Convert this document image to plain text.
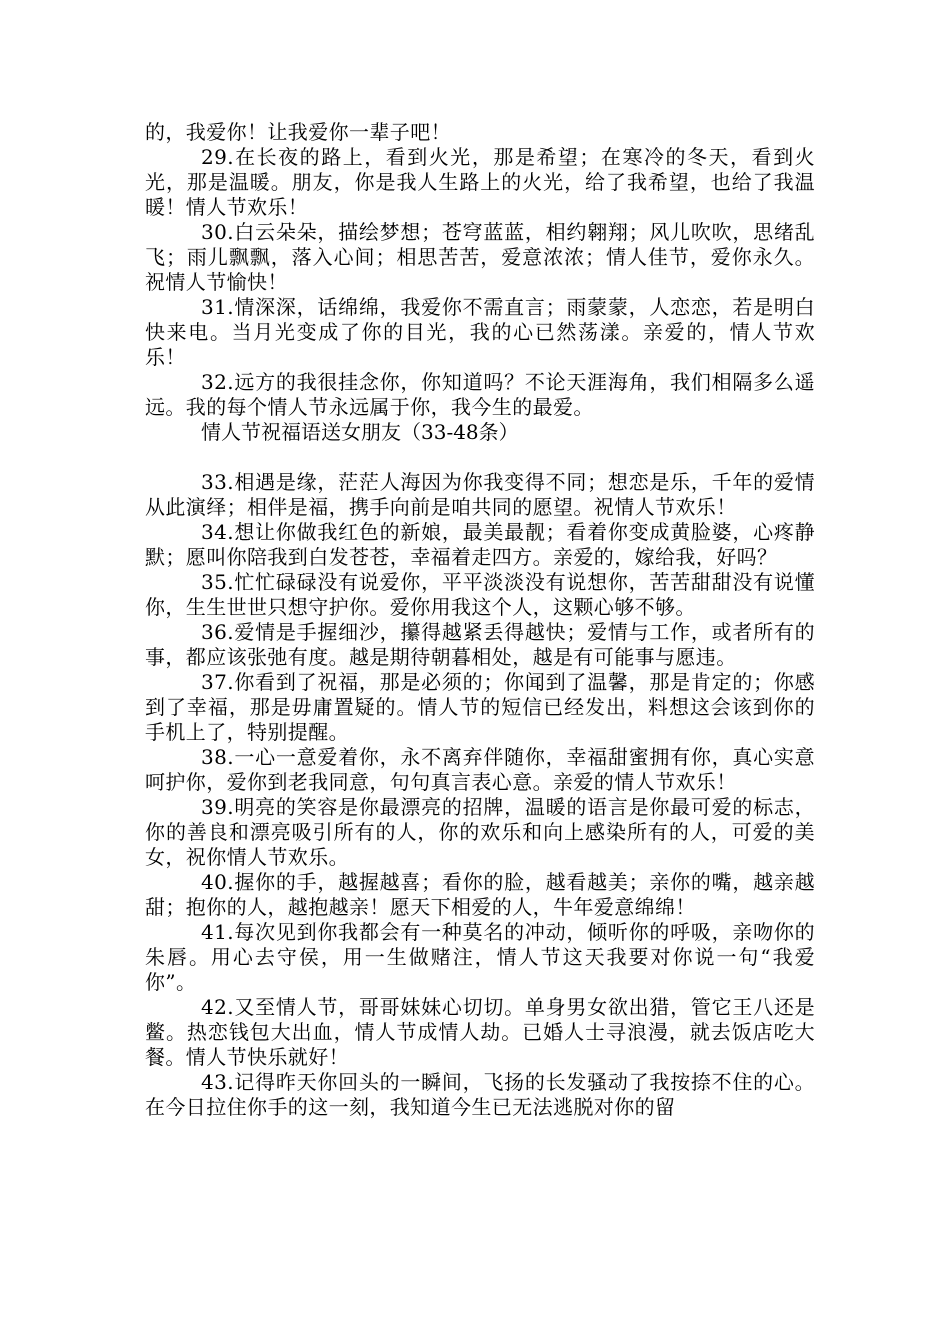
的，我爱你！让我爱你一辈子吧！

29.在长夜的路上，看到火光，那是希望；在寒冷的冬天，看到火光，那是温暖。朋友，你是我人生路上的火光，给了我希望，也给了我温暖！情人节欢乐！

30.白云朵朵，描绘梦想；苍穹蓝蓝，相约翱翔；风儿吹吹，思绪乱飞；雨儿飘飘，落入心间；相思苦苦，爱意浓浓；情人佳节，爱你永久。祝情人节愉快！

31.情深深，话绵绵，我爱你不需直言；雨蒙蒙，人恋恋，若是明白快来电。当月光变成了你的目光，我的心已然荡漾。亲爱的，情人节欢乐！

32.远方的我很挂念你，你知道吗？不论天涯海角，我们相隔多么遥远。我的每个情人节永远属于你，我今生的最爱。

情人节祝福语送女朋友（33-48条）

33.相遇是缘，茫茫人海因为你我变得不同；想恋是乐，千年的爱情从此演绎；相伴是福，携手向前是咱共同的愿望。祝情人节欢乐！

34.想让你做我红色的新娘，最美最靓；看着你变成黄脸婆，心疼静默；愿叫你陪我到白发苍苍，幸福着走四方。亲爱的，嫁给我，好吗？

35.忙忙碌碌没有说爱你，平平淡淡没有说想你，苦苦甜甜没有说懂你，生生世世只想守护你。爱你用我这个人，这颗心够不够。

36.爱情是手握细沙，攥得越紧丢得越快；爱情与工作，或者所有的事，都应该张弛有度。越是期待朝暮相处，越是有可能事与愿违。

37.你看到了祝福，那是必须的；你闻到了温馨，那是肯定的；你感到了幸福，那是毋庸置疑的。情人节的短信已经发出，料想这会该到你的手机上了，特别提醒。

38.一心一意爱着你，永不离弃伴随你，幸福甜蜜拥有你，真心实意呵护你，爱你到老我同意，句句真言表心意。亲爱的情人节欢乐！

39.明亮的笑容是你最漂亮的招牌，温暖的语言是你最可爱的标志，你的善良和漂亮吸引所有的人，你的欢乐和向上感染所有的人，可爱的美女，祝你情人节欢乐。

40.握你的手，越握越喜；看你的脸，越看越美；亲你的嘴，越亲越甜；抱你的人，越抱越亲！愿天下相爱的人，牛年爱意绵绵！

41.每次见到你我都会有一种莫名的冲动，倾听你的呼吸，亲吻你的朱唇。用心去守侯，用一生做赌注，情人节这天我要对你说一句“我爱你”。

42.又至情人节，哥哥妹妹心切切。单身男女欲出猎，管它王八还是鳖。热恋钱包大出血，情人节成情人劫。已婚人士寻浪漫，就去饭店吃大餐。情人节快乐就好！

43.记得昨天你回头的一瞬间，飞扬的长发骚动了我按捺不住的心。在今日拉住你手的这一刻，我知道今生已无法逃脱对你的留
